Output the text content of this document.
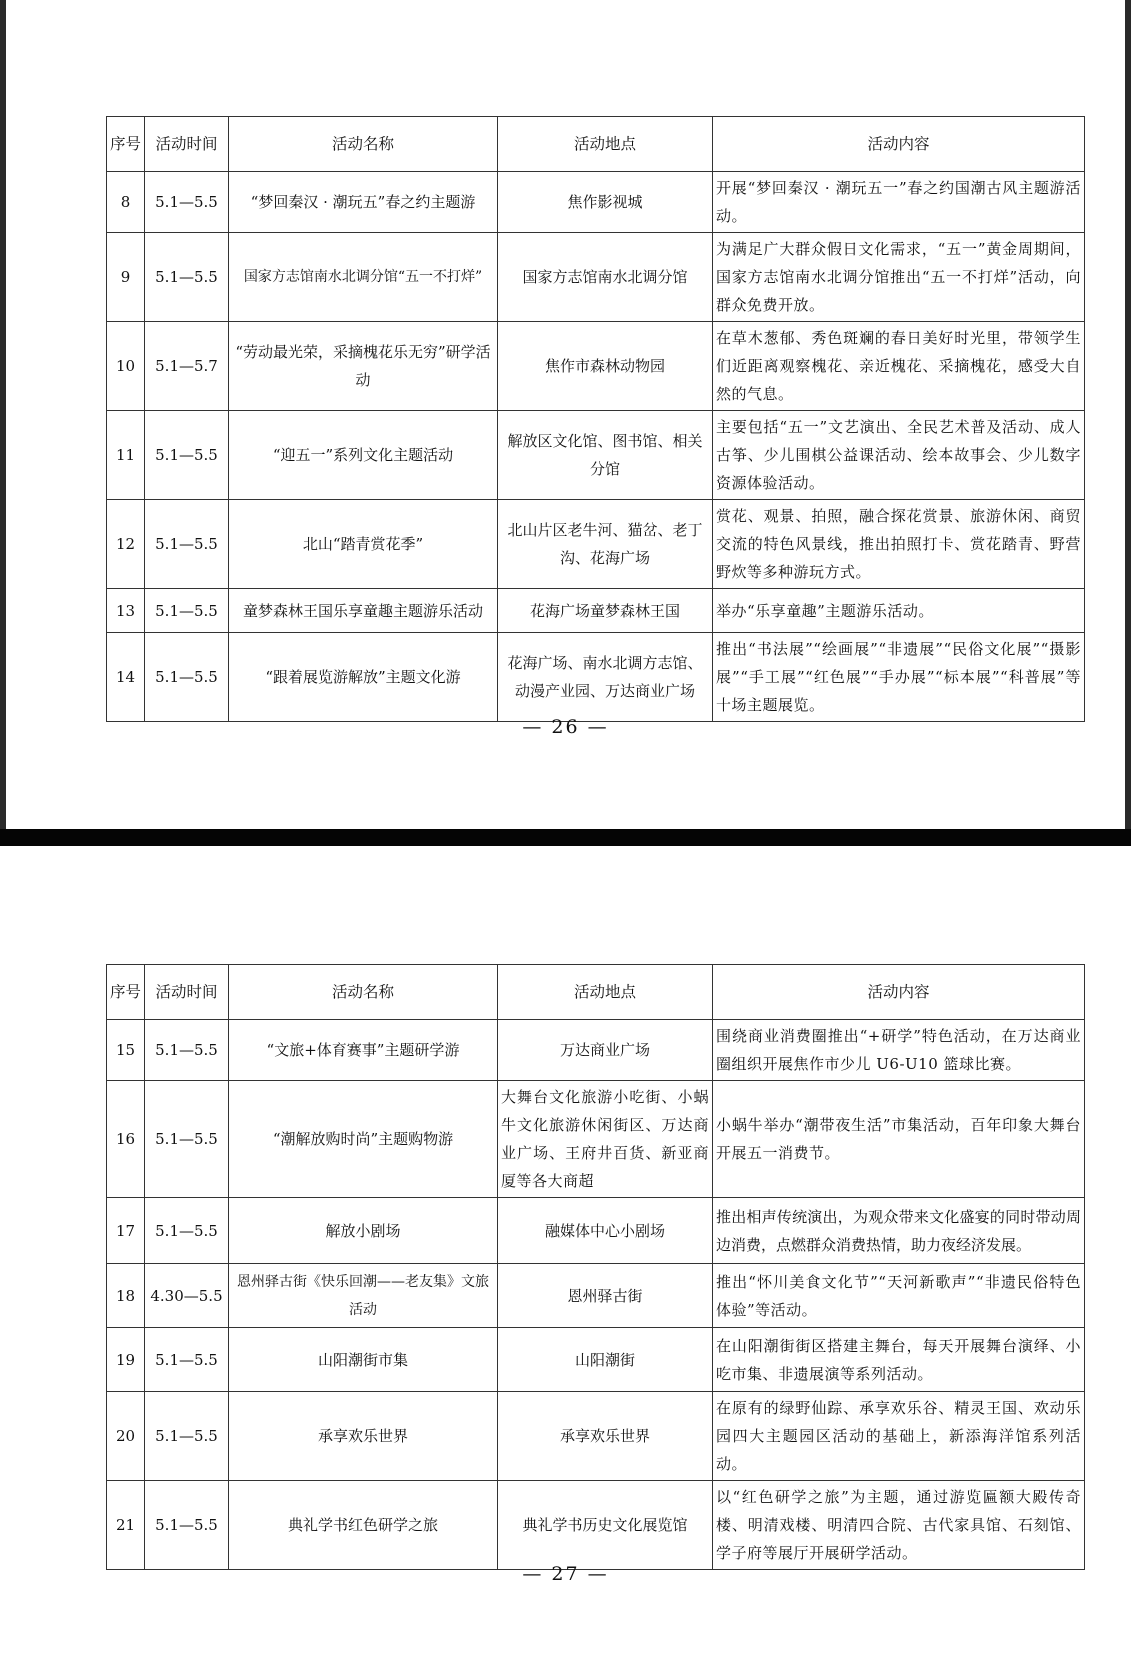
序号	活动时间	活动名称	活动地点	活动内容
8	5.1—5.5	“梦回秦汉 · 潮玩五”春之约主题游	焦作影视城	开展“梦回秦汉 · 潮玩五一”春之约国潮古风主题游活动。
9	5.1—5.5	国家方志馆南水北调分馆“五一不打烊”	国家方志馆南水北调分馆	为满足广大群众假日文化需求，“五一”黄金周期间，国家方志馆南水北调分馆推出“五一不打烊”活动，向群众免费开放。
10	5.1—5.7	“劳动最光荣，采摘槐花乐无穷”研学活动	焦作市森林动物园	在草木葱郁、秀色斑斓的春日美好时光里，带领学生们近距离观察槐花、亲近槐花、采摘槐花，感受大自然的气息。
11	5.1—5.5	“迎五一”系列文化主题活动	解放区文化馆、图书馆、相关分馆	主要包括“五一”文艺演出、全民艺术普及活动、成人古筝、少儿围棋公益课活动、绘本故事会、少儿数字资源体验活动。
12	5.1—5.5	北山“踏青赏花季”	北山片区老牛河、猫岔、老丁沟、花海广场	赏花、观景、拍照，融合探花赏景、旅游休闲、商贸交流的特色风景线，推出拍照打卡、赏花踏青、野营野炊等多种游玩方式。
13	5.1—5.5	童梦森林王国乐享童趣主题游乐活动	花海广场童梦森林王国	举办“乐享童趣”主题游乐活动。
14	5.1—5.5	“跟着展览游解放”主题文化游	花海广场、南水北调方志馆、动漫产业园、万达商业广场	推出“书法展”“绘画展”“非遗展”“民俗文化展”“摄影展”“手工展”“红色展”“手办展”“标本展”“科普展”等十场主题展览。
— 26 —
序号	活动时间	活动名称	活动地点	活动内容
15	5.1—5.5	“文旅+体育赛事”主题研学游	万达商业广场	围绕商业消费圈推出“+研学”特色活动，在万达商业圈组织开展焦作市少儿 U6-U10 篮球比赛。
16	5.1—5.5	“潮解放购时尚”主题购物游	大舞台文化旅游小吃街、小蜗牛文化旅游休闲街区、万达商业广场、王府井百货、新亚商厦等各大商超	小蜗牛举办“潮带夜生活”市集活动，百年印象大舞台开展五一消费节。
17	5.1—5.5	解放小剧场	融媒体中心小剧场	推出相声传统演出，为观众带来文化盛宴的同时带动周边消费，点燃群众消费热情，助力夜经济发展。
18	4.30—5.5	恩州驿古街《快乐回潮——老友集》文旅活动	恩州驿古街	推出“怀川美食文化节”“天河新歌声”“非遗民俗特色体验”等活动。
19	5.1—5.5	山阳潮街市集	山阳潮街	在山阳潮街街区搭建主舞台，每天开展舞台演绎、小吃市集、非遗展演等系列活动。
20	5.1—5.5	承享欢乐世界	承享欢乐世界	在原有的绿野仙踪、承享欢乐谷、精灵王国、欢动乐园四大主题园区活动的基础上，新添海洋馆系列活动。
21	5.1—5.5	典礼学书红色研学之旅	典礼学书历史文化展览馆	以“红色研学之旅”为主题，通过游览匾额大殿传奇楼、明清戏楼、明清四合院、古代家具馆、石刻馆、学子府等展厅开展研学活动。
— 27 —
